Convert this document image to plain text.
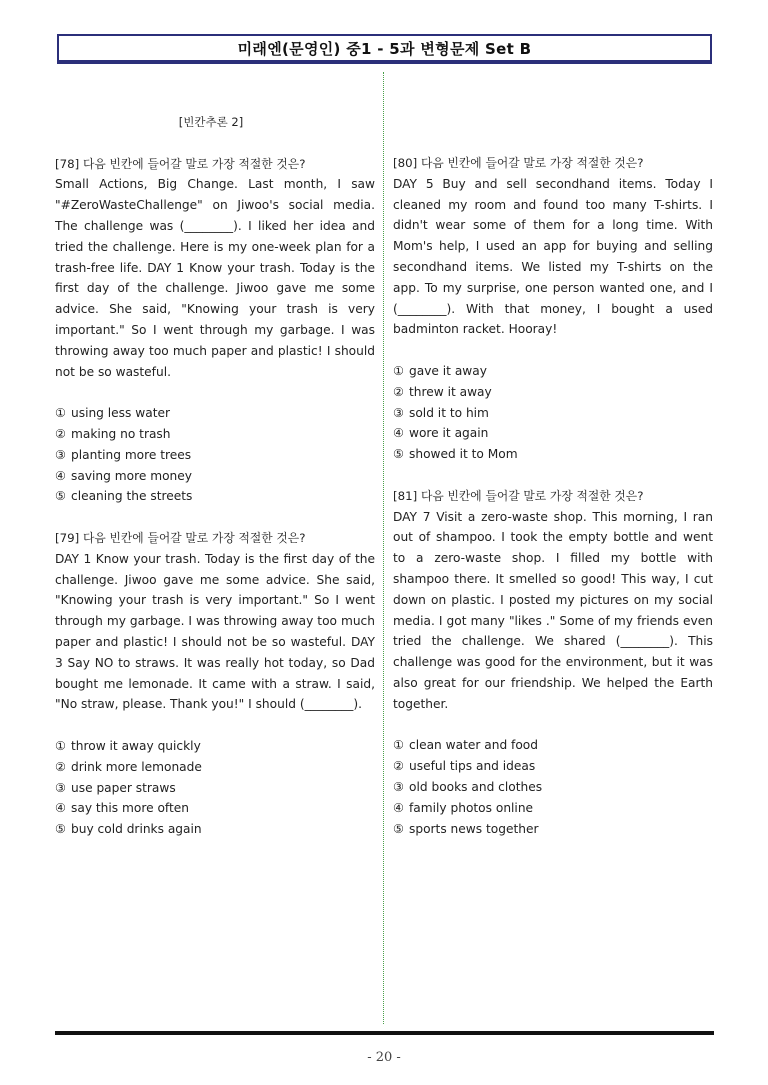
미래엔(문영인) 중1 - 5과 변형문제 Set B
[빈칸추론 2]
[78] 다음 빈칸에 들어갈 말로 가장 적절한 것은?

Small Actions, Big Change. Last month, I saw "#ZeroWasteChallenge" on Jiwoo's social media. The challenge was (________). I liked her idea and tried the challenge. Here is my one-week plan for a trash-free life. DAY 1 Know your trash. Today is the first day of the challenge. Jiwoo gave me some advice. She said, "Knowing your trash is very important." So I went through my garbage. I was throwing away too much paper and plastic! I should not be so wasteful.

① using less water
② making no trash
③ planting more trees
④ saving more money
⑤ cleaning the streets
[79] 다음 빈칸에 들어갈 말로 가장 적절한 것은?

DAY 1 Know your trash. Today is the first day of the challenge. Jiwoo gave me some advice. She said, "Knowing your trash is very important." So I went through my garbage. I was throwing away too much paper and plastic! I should not be so wasteful. DAY 3 Say NO to straws. It was really hot today, so Dad bought me lemonade. It came with a straw. I said, "No straw, please. Thank you!" I should (________).

① throw it away quickly
② drink more lemonade
③ use paper straws
④ say this more often
⑤ buy cold drinks again
[80] 다음 빈칸에 들어갈 말로 가장 적절한 것은?

DAY 5 Buy and sell secondhand items. Today I cleaned my room and found too many T-shirts. I didn't wear some of them for a long time. With Mom's help, I used an app for buying and selling secondhand items. We listed my T-shirts on the app. To my surprise, one person wanted one, and I (________). With that money, I bought a used badminton racket. Hooray!

① gave it away
② threw it away
③ sold it to him
④ wore it again
⑤ showed it to Mom
[81] 다음 빈칸에 들어갈 말로 가장 적절한 것은?

DAY 7 Visit a zero-waste shop. This morning, I ran out of shampoo. I took the empty bottle and went to a zero-waste shop. I filled my bottle with shampoo there. It smelled so good! This way, I cut down on plastic. I posted my pictures on my social media. I got many "likes ." Some of my friends even tried the challenge. We shared (________). This challenge was good for the environment, but it was also great for our friendship. We helped the Earth together.

① clean water and food
② useful tips and ideas
③ old books and clothes
④ family photos online
⑤ sports news together
- 20 -
